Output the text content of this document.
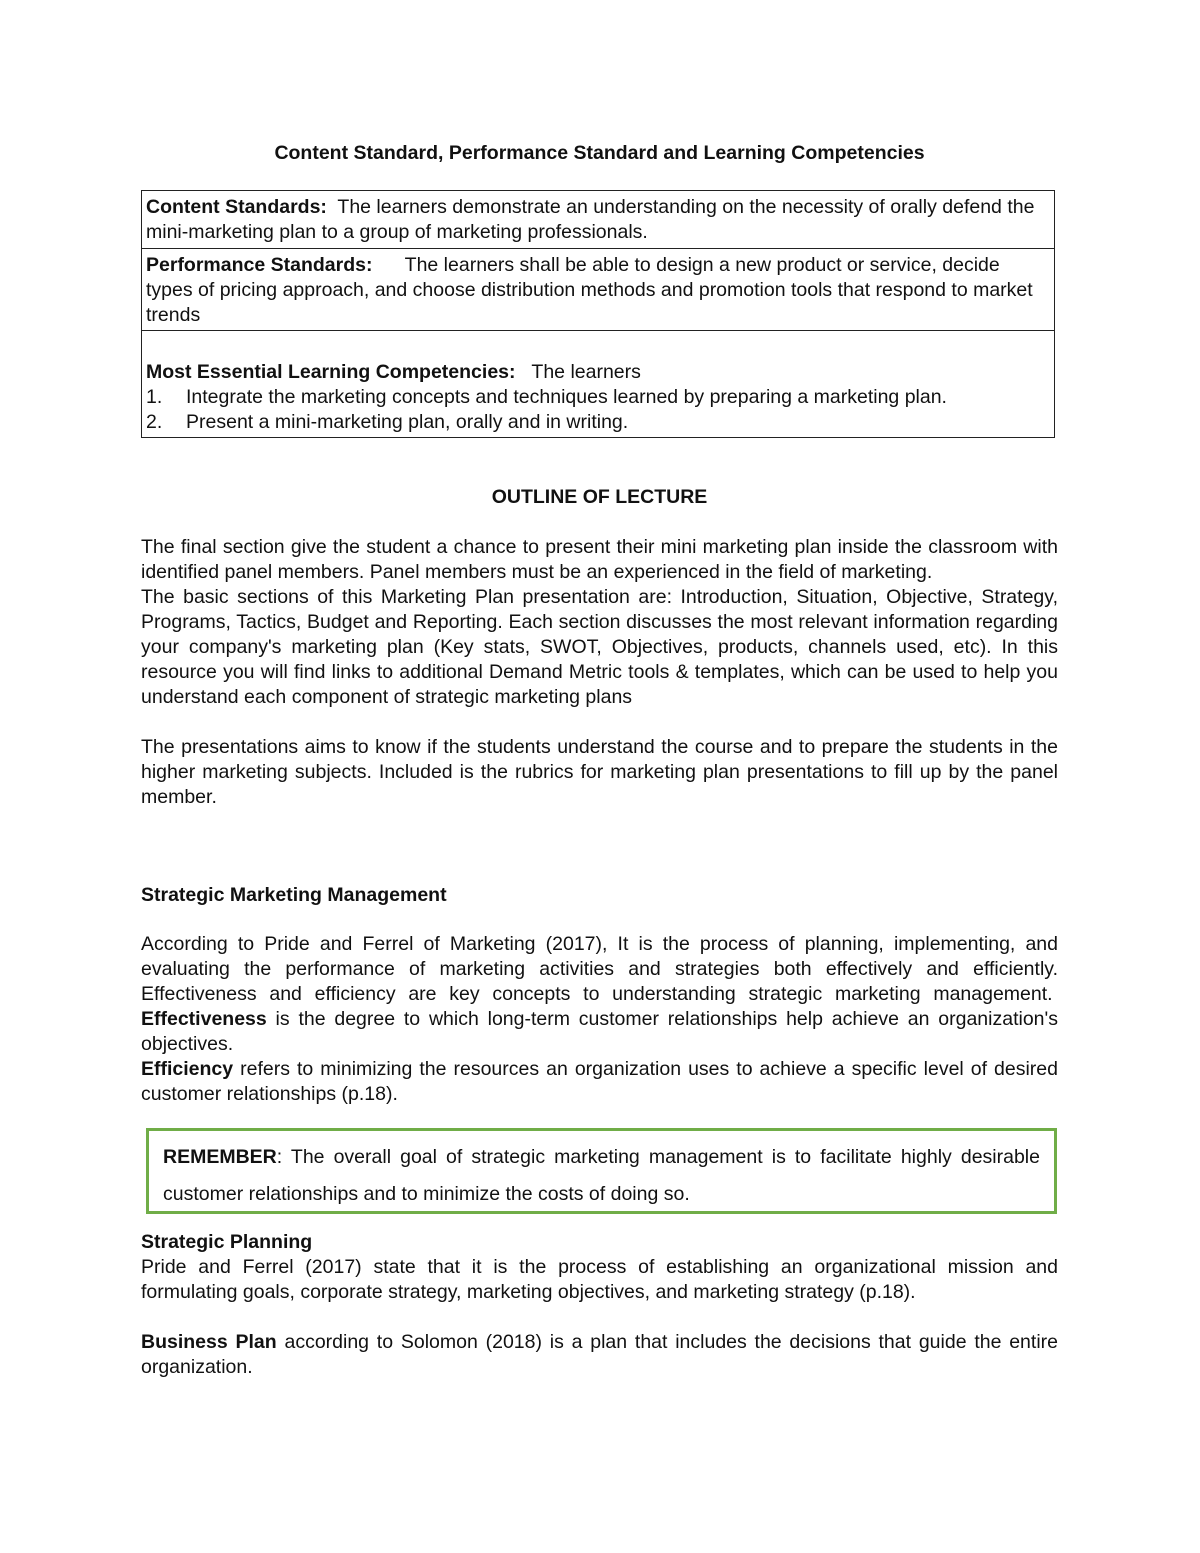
Content Standard, Performance Standard and Learning Competencies
Content Standards: The learners demonstrate an understanding on the necessity of orally defend the mini-marketing plan to a group of marketing professionals.
Performance Standards: The learners shall be able to design a new product or service, decide types of pricing approach, and choose distribution methods and promotion tools that respond to market trends
Most Essential Learning Competencies: The learners
1.	Integrate the marketing concepts and techniques learned by preparing a marketing plan.
2.	Present a mini-marketing plan, orally and in writing.
OUTLINE OF LECTURE

The final section give the student a chance to present their mini marketing plan inside the classroom with identified panel members. Panel members must be an experienced in the field of marketing.

The basic sections of this Marketing Plan presentation are: Introduction, Situation, Objective, Strategy, Programs, Tactics, Budget and Reporting. Each section discusses the most relevant information regarding your company's marketing plan (Key stats, SWOT, Objectives, products, channels used, etc). In this resource you will find links to additional Demand Metric tools & templates, which can be used to help you understand each component of strategic marketing plans

The presentations aims to know if the students understand the course and to prepare the students in the higher marketing subjects. Included is the rubrics for marketing plan presentations to fill up by the panel member.

Strategic Marketing Management

According to Pride and Ferrel of Marketing (2017), It is the process of planning, implementing, and evaluating the performance of marketing activities and strategies both effectively and efficiently. Effectiveness and efficiency are key concepts to understanding strategic marketing management.  Effectiveness is the degree to which long-term customer relationships help achieve an organization's objectives.

Efficiency refers to minimizing the resources an organization uses to achieve a specific level of desired customer relationships (p.18).

REMEMBER: The overall goal of strategic marketing management is to facilitate highly desirable customer relationships and to minimize the costs of doing so.
Strategic Planning

Pride and Ferrel (2017) state that it is the process of establishing an organizational mission and formulating goals, corporate strategy, marketing objectives, and marketing strategy (p.18).

Business Plan according to Solomon (2018) is a plan that includes the decisions that guide the entire organization.
